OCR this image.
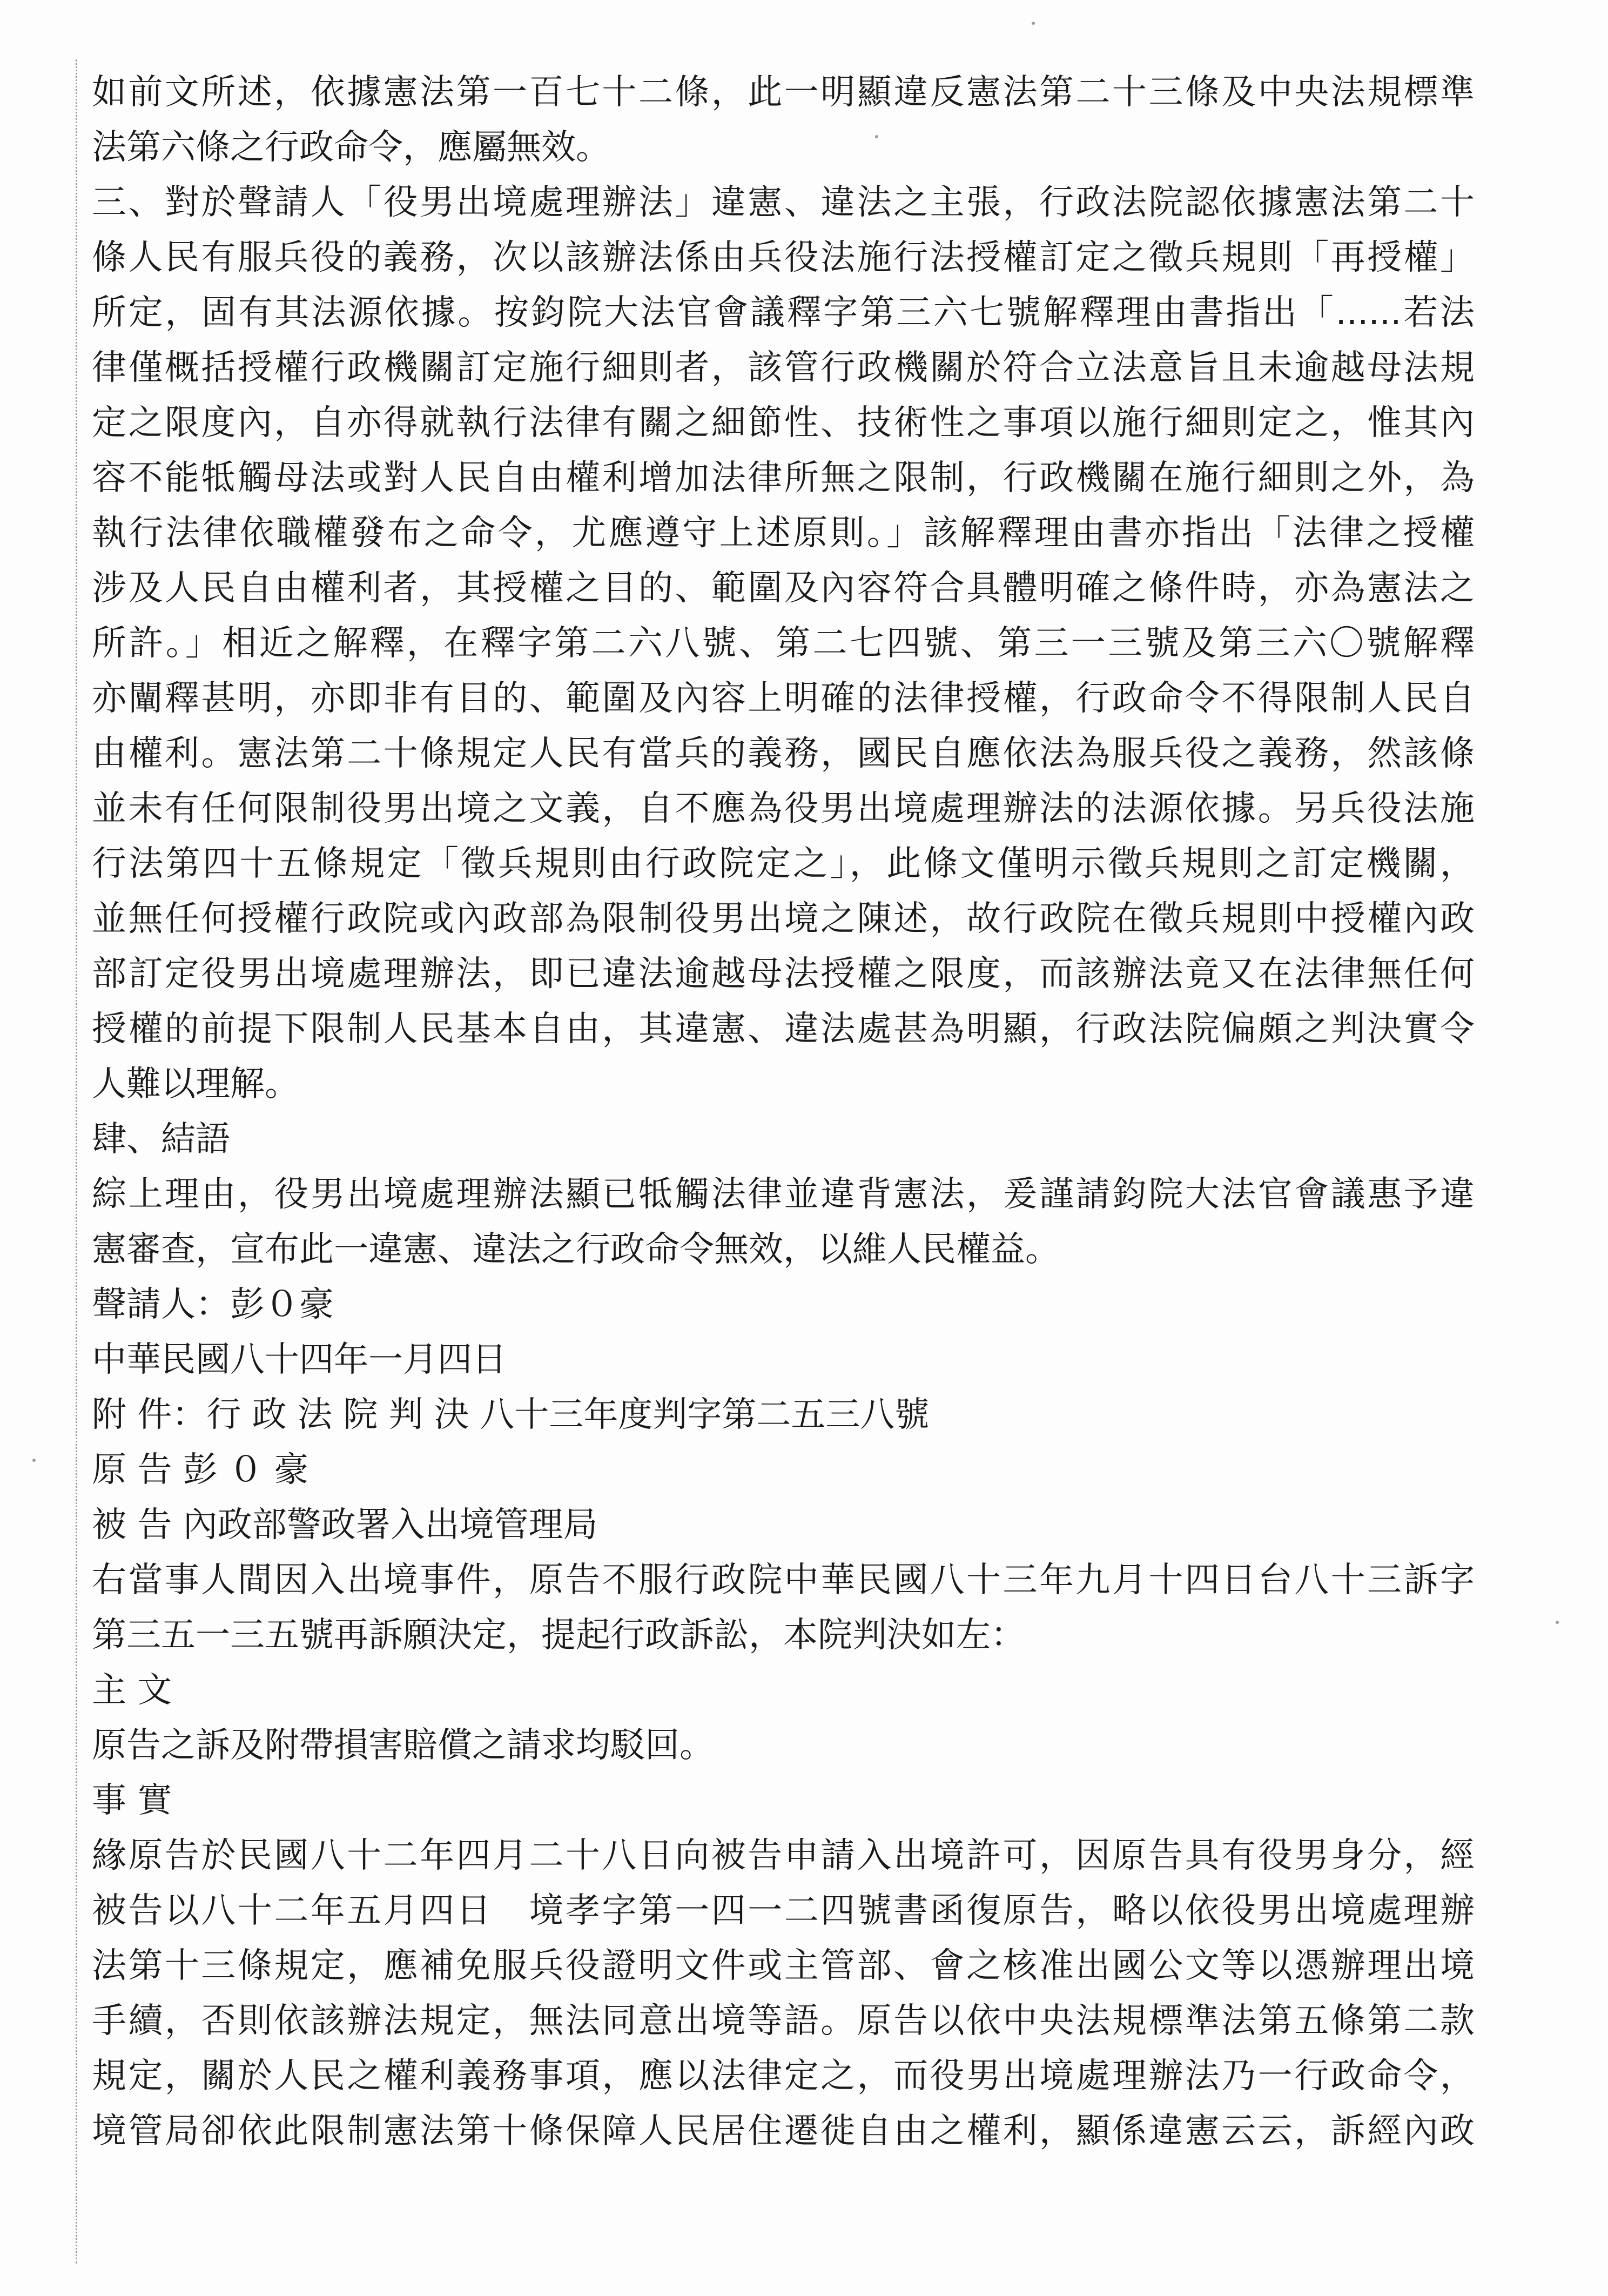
如前文所述，依據憲法第一百七十二條，此一明顯違反憲法第二十三條及中央法規標準
法第六條之行政命令，應屬無效。
三、對於聲請人「役男出境處理辦法」違憲、違法之主張，行政法院認依據憲法第二十
條人民有服兵役的義務，次以該辦法係由兵役法施行法授權訂定之徵兵規則「再授權」
所定，固有其法源依據。按鈞院大法官會議釋字第三六七號解釋理由書指出「......若法
律僅概括授權行政機關訂定施行細則者，該管行政機關於符合立法意旨且未逾越母法規
定之限度內，自亦得就執行法律有關之細節性、技術性之事項以施行細則定之，惟其內
容不能牴觸母法或對人民自由權利增加法律所無之限制，行政機關在施行細則之外，為
執行法律依職權發布之命令，尤應遵守上述原則。」該解釋理由書亦指出「法律之授權
涉及人民自由權利者，其授權之目的、範圍及內容符合具體明確之條件時，亦為憲法之
所許。」相近之解釋，在釋字第二六八號、第二七四號、第三一三號及第三六〇號解釋
亦闡釋甚明，亦即非有目的、範圍及內容上明確的法律授權，行政命令不得限制人民自
由權利。憲法第二十條規定人民有當兵的義務，國民自應依法為服兵役之義務，然該條
並未有任何限制役男出境之文義，自不應為役男出境處理辦法的法源依據。另兵役法施
行法第四十五條規定「徵兵規則由行政院定之」，此條文僅明示徵兵規則之訂定機關，
並無任何授權行政院或內政部為限制役男出境之陳述，故行政院在徵兵規則中授權內政
部訂定役男出境處理辦法，即已違法逾越母法授權之限度，而該辦法竟又在法律無任何
授權的前提下限制人民基本自由，其違憲、違法處甚為明顯，行政法院偏頗之判決實令
人難以理解。
肆、結語
綜上理由，役男出境處理辦法顯已牴觸法律並違背憲法，爰謹請鈞院大法官會議惠予違
憲審查，宣布此一違憲、違法之行政命令無效，以維人民權益。
聲請人：彭０豪
中華民國八十四年一月四日
附 件：行 政 法 院 判 決 八十三年度判字第二五三八號
原 告 彭 ０ 豪
被 告 內政部警政署入出境管理局
右當事人間因入出境事件，原告不服行政院中華民國八十三年九月十四日台八十三訴字
第三五一三五號再訴願決定，提起行政訴訟，本院判決如左：
主 文
原告之訴及附帶損害賠償之請求均駁回。
事 實
緣原告於民國八十二年四月二十八日向被告申請入出境許可，因原告具有役男身分，經
被告以八十二年五月四日　境孝字第一四一二四號書函復原告，略以依役男出境處理辦
法第十三條規定，應補免服兵役證明文件或主管部、會之核准出國公文等以憑辦理出境
手續，否則依該辦法規定，無法同意出境等語。原告以依中央法規標準法第五條第二款
規定，關於人民之權利義務事項，應以法律定之，而役男出境處理辦法乃一行政命令，
境管局卻依此限制憲法第十條保障人民居住遷徙自由之權利，顯係違憲云云，訴經內政
